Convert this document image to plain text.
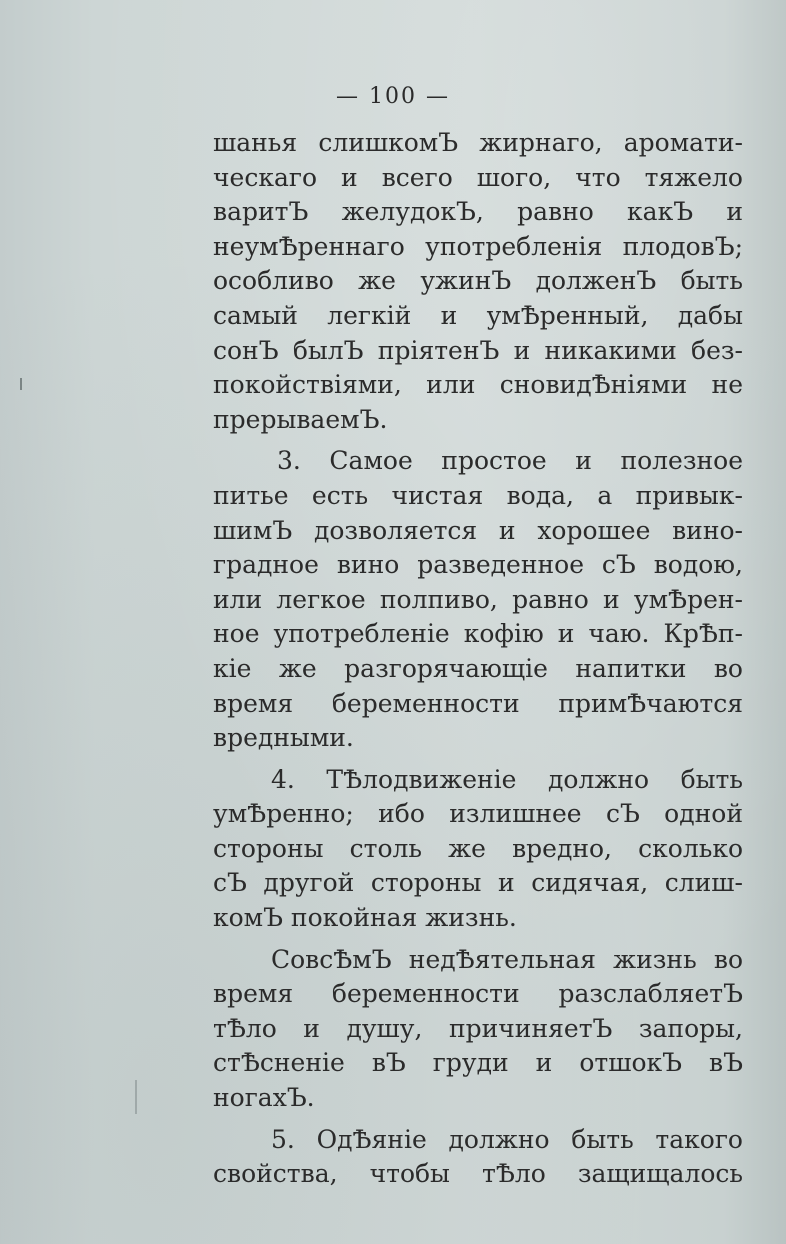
— 100 —
шанья слишкомЪ жирнаго, аромати-
ческаго и всего шого, что тяжело
варитЪ желудокЪ, равно какЪ и
неумѢреннаго употребленія плодовЪ;
особливо же ужинЪ долженЪ быть
самый легкій и умѢренный, дабы
сонЪ былЪ пріятенЪ и никакими без-
покойствіями, или сновидѢніями не
прерываемЪ.
3. Самое простое и полезное
питье есть чистая вода, а привык-
шимЪ дозволяется и хорошее вино-
градное вино разведенное сЪ водою,
или легкое полпиво, равно и умѢрен-
ное употребленіе кофію и чаю. КрѢп-
кіе же разгорячающіе напитки во
время беременности примѢчаются
вредными.
4. ТѢлодвиженіе должно быть
умѢренно; ибо излишнее сЪ одной
стороны столь же вредно, сколько
сЪ другой стороны и сидячая, слиш-
комЪ покойная жизнь.
СовсѢмЪ недѢятельная жизнь во
время беременности разслабляетЪ
тѢло и душу, причиняетЪ запоры,
стѢсненіе вЪ груди и отшокЪ вЪ
ногахЪ.
5. ОдѢяніе должно быть такого
свойства, чтобы тѢло защищалось
